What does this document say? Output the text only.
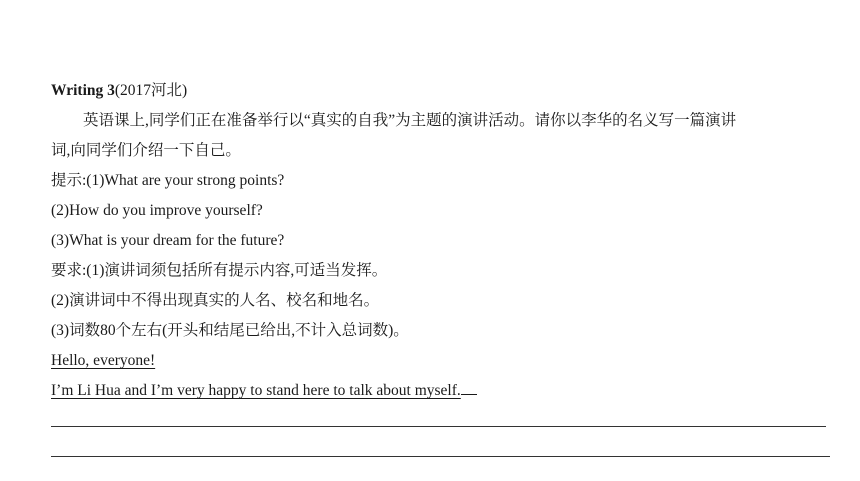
Writing 3(2017河北)
英语课上,同学们正在准备举行以“真实的自我”为主题的演讲活动。请你以李华的名义写一篇演讲
词,向同学们介绍一下自己。
提示:(1)What are your strong points?
(2)How do you improve yourself?
(3)What is your dream for the future?
要求:(1)演讲词须包括所有提示内容,可适当发挥。
(2)演讲词中不得出现真实的人名、校名和地名。
(3)词数80个左右(开头和结尾已给出,不计入总词数)。
Hello, everyone!
I’m Li Hua and I’m very happy to stand here to talk about myself.
